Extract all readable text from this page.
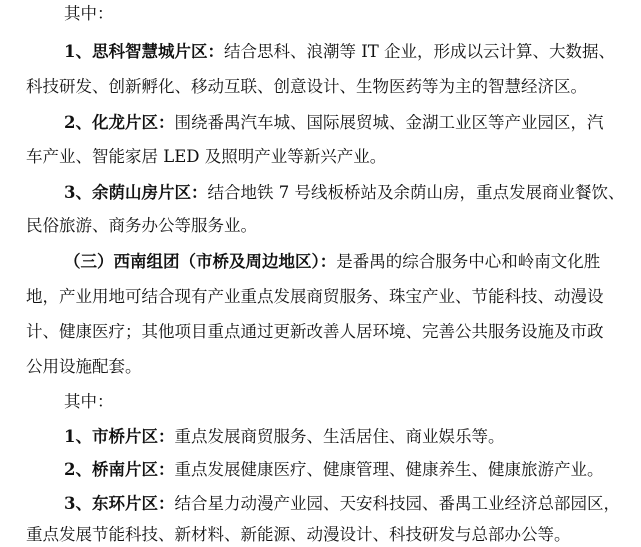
其中：
1、思科智慧城片区：结合思科、浪潮等 IT 企业，形成以云计算、大数据、
科技研发、创新孵化、移动互联、创意设计、生物医药等为主的智慧经济区。
2、化龙片区：围绕番禺汽车城、国际展贸城、金湖工业区等产业园区，汽
车产业、智能家居 LED 及照明产业等新兴产业。
3、余荫山房片区：结合地铁 7 号线板桥站及余荫山房，重点发展商业餐饮、
民俗旅游、商务办公等服务业。
（三）西南组团（市桥及周边地区）：是番禺的综合服务中心和岭南文化胜
地，产业用地可结合现有产业重点发展商贸服务、珠宝产业、节能科技、动漫设
计、健康医疗；其他项目重点通过更新改善人居环境、完善公共服务设施及市政
公用设施配套。
其中：
1、市桥片区：重点发展商贸服务、生活居住、商业娱乐等。
2、桥南片区：重点发展健康医疗、健康管理、健康养生、健康旅游产业。
3、东环片区：结合星力动漫产业园、天安科技园、番禺工业经济总部园区，
重点发展节能科技、新材料、新能源、动漫设计、科技研发与总部办公等。
